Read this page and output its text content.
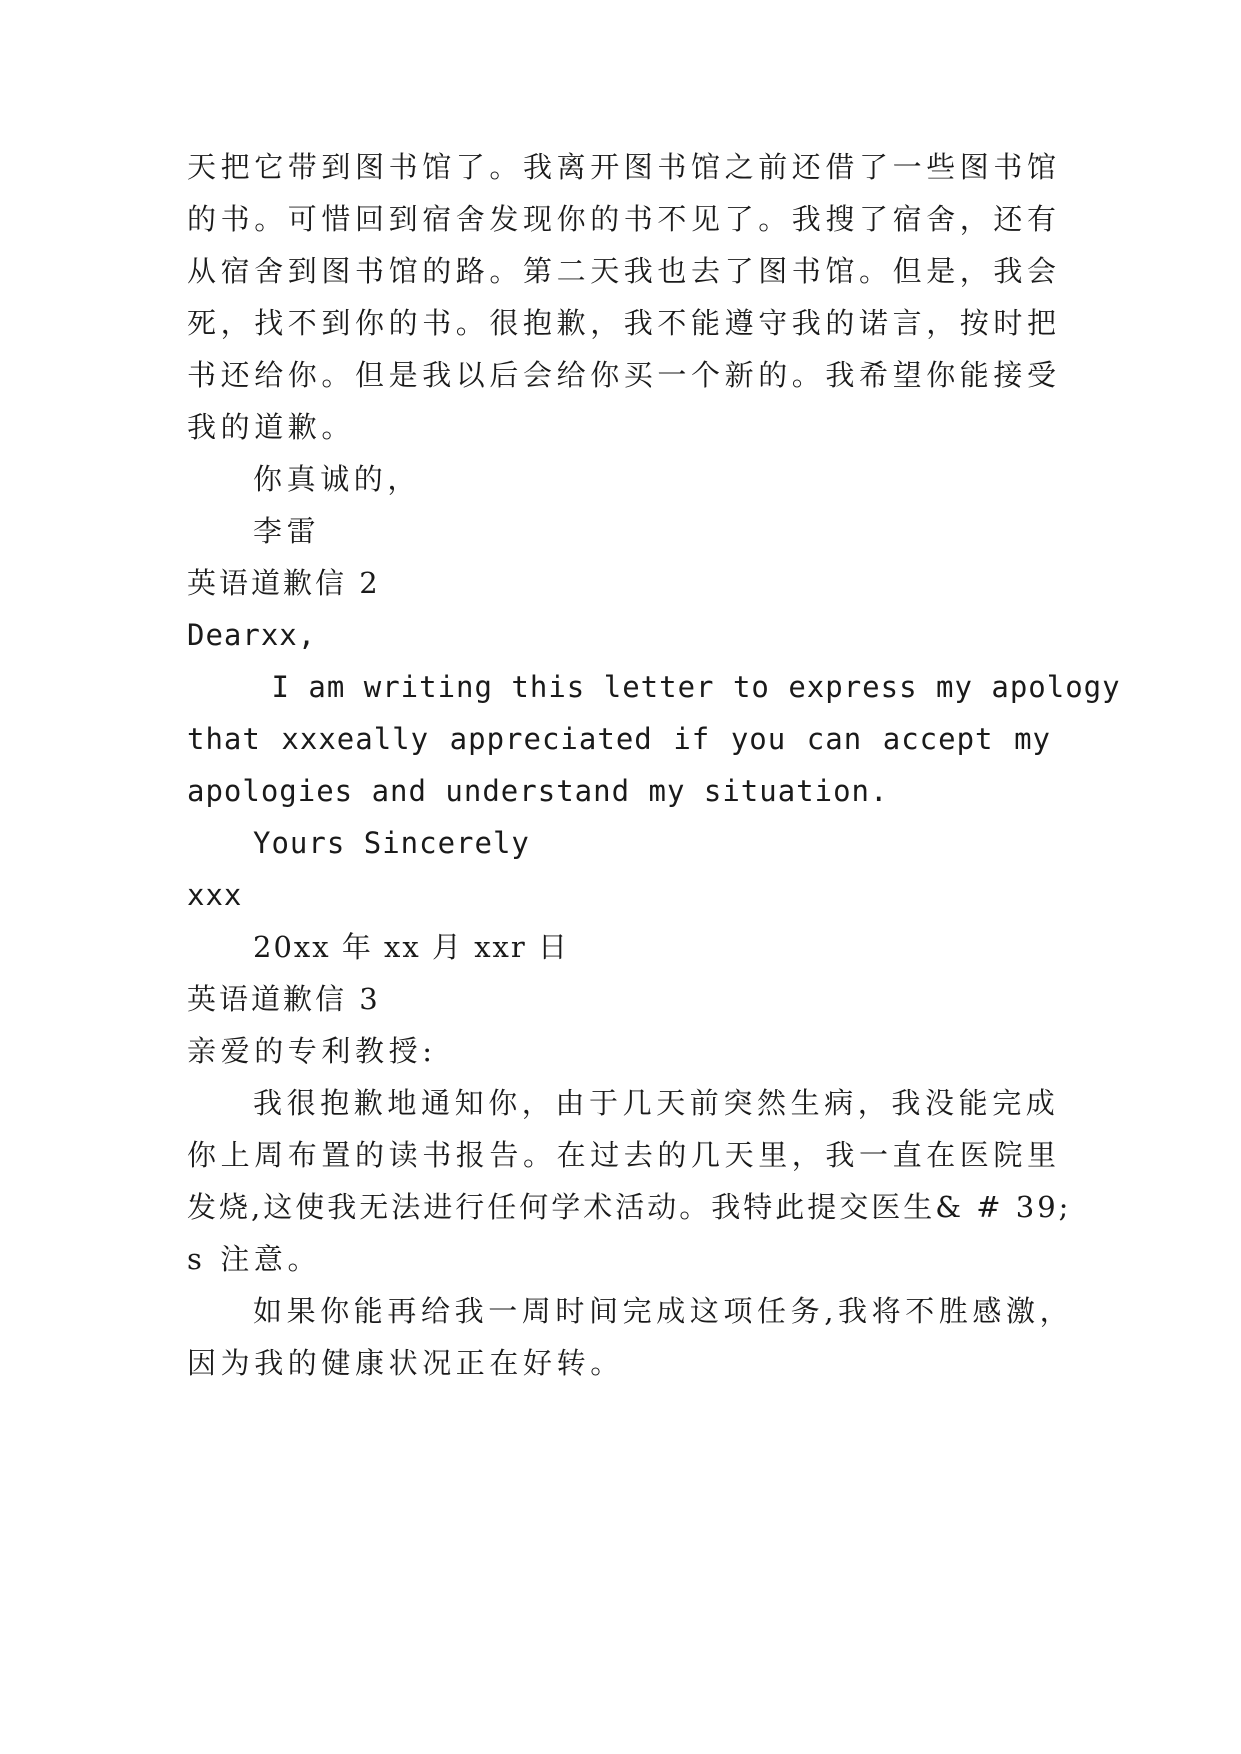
天把它带到图书馆了。我离开图书馆之前还借了一些图书馆
的书。可惜回到宿舍发现你的书不见了。我搜了宿舍，还有
从宿舍到图书馆的路。第二天我也去了图书馆。但是，我会
死，找不到你的书。很抱歉，我不能遵守我的诺言，按时把
书还给你。但是我以后会给你买一个新的。我希望你能接受
我的道歉。
你真诚的，
李雷
英语道歉信 2
Dearxx,
I am writing this letter to express my apology
that xxxeally appreciated if you can accept my
apologies and understand my situation.
Yours Sincerely
xxx
20xx 年 xx 月 xxr 日
英语道歉信 3
亲爱的专利教授:
我很抱歉地通知你，由于几天前突然生病，我没能完成
你上周布置的读书报告。在过去的几天里，我一直在医院里
发烧,这使我无法进行任何学术活动。我特此提交医生& # 39;
s 注意。
如果你能再给我一周时间完成这项任务,我将不胜感激，
因为我的健康状况正在好转。
